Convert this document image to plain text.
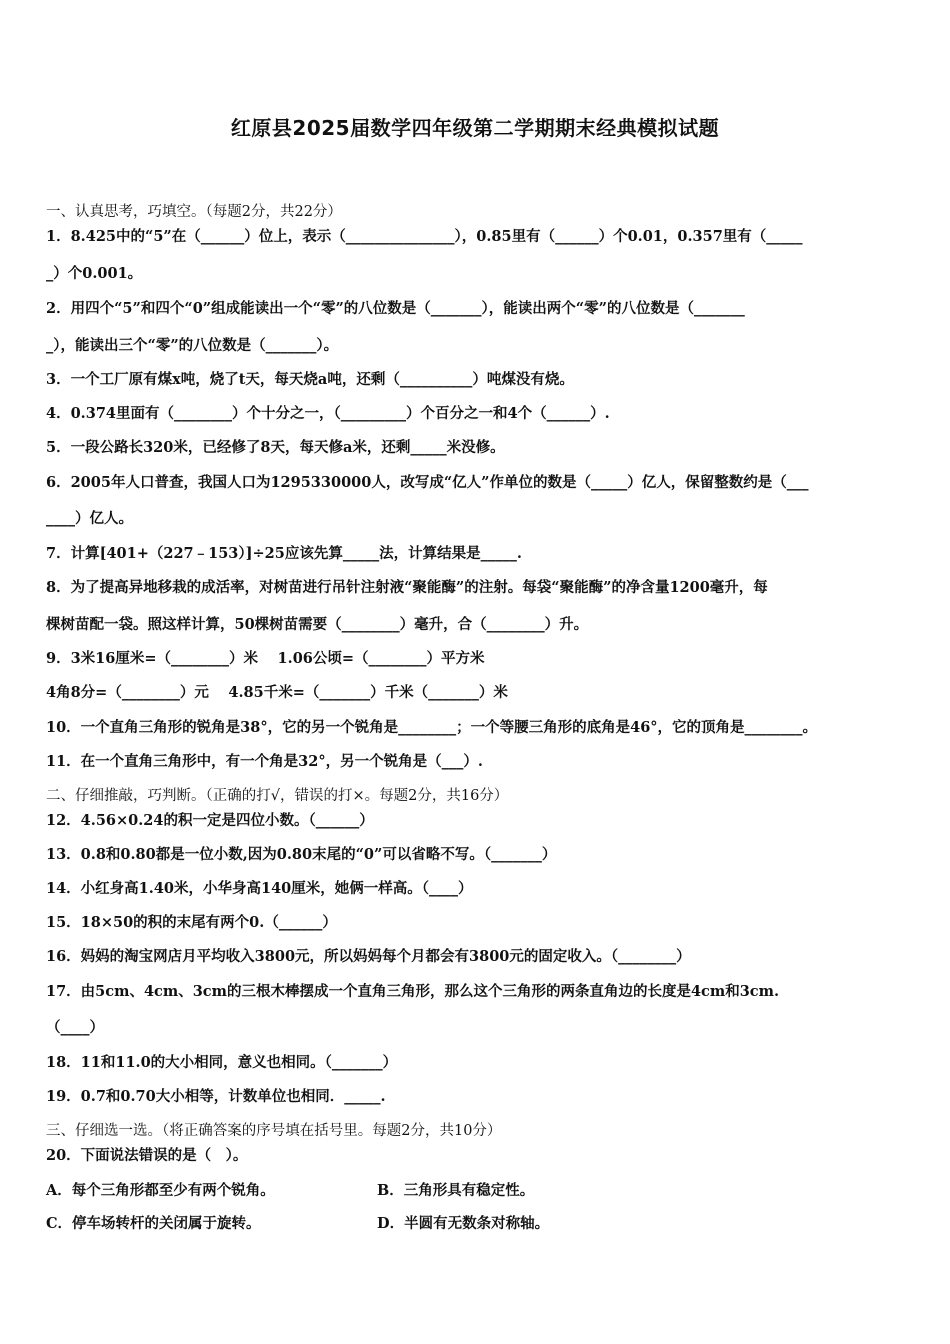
红原县2025届数学四年级第二学期期末经典模拟试题
一、认真思考，巧填空。（每题2分，共22分）
1．8.425中的“5”在（______）位上，表示（_______________），0.85里有（______）个0.01，0.357里有（_____
_）个0.001。
2．用四个“5”和四个“0”组成能读出一个“零”的八位数是（_______），能读出两个“零”的八位数是（_______
_），能读出三个“零”的八位数是（_______）。
3．一个工厂原有煤x吨，烧了t天，每天烧a吨，还剩（__________）吨煤没有烧。
4．0.374里面有（________）个十分之一，（_________）个百分之一和4个（______）.
5．一段公路长320米，已经修了8天，每天修a米，还剩_____米没修。
6．2005年人口普查，我国人口为1295330000人，改写成“亿人”作单位的数是（_____）亿人，保留整数约是（___
____）亿人。
7．计算[401+（227﹣153）]÷25应该先算_____法，计算结果是_____.
8．为了提高异地移栽的成活率，对树苗进行吊针注射液“聚能酶”的注射。每袋“聚能酶”的净含量1200毫升，每
棵树苗配一袋。照这样计算，50棵树苗需要（________）毫升，合（________）升。
9．3米16厘米=（________）米　 1.06公顷=（________）平方米
4角8分=（________）元　 4.85千米=（_______）千米（_______）米
10．一个直角三角形的锐角是38°，它的另一个锐角是________；一个等腰三角形的底角是46°，它的顶角是________。
11．在一个直角三角形中，有一个角是32°，另一个锐角是（___）.
二、仔细推敲，巧判断。（正确的打√，错误的打×。每题2分，共16分）
12．4.56×0.24的积一定是四位小数。（______）
13．0.8和0.80都是一位小数,因为0.80末尾的“0”可以省略不写。（_______）
14．小红身高1.40米，小华身高140厘米，她俩一样高。（____）
15．18×50的积的末尾有两个0.（______）
16．妈妈的淘宝网店月平均收入3800元，所以妈妈每个月都会有3800元的固定收入。（________）
17．由5cm、4cm、3cm的三根木棒摆成一个直角三角形，那么这个三角形的两条直角边的长度是4cm和3cm.
（____）
18．11和11.0的大小相同，意义也相同。（_______）
19．0.7和0.70大小相等，计数单位也相同．_____.
三、仔细选一选。（将正确答案的序号填在括号里。每题2分，共10分）
20．下面说法错误的是（　）。
A．每个三角形都至少有两个锐角。	B．三角形具有稳定性。
C．停车场转杆的关闭属于旋转。	D．半圆有无数条对称轴。
